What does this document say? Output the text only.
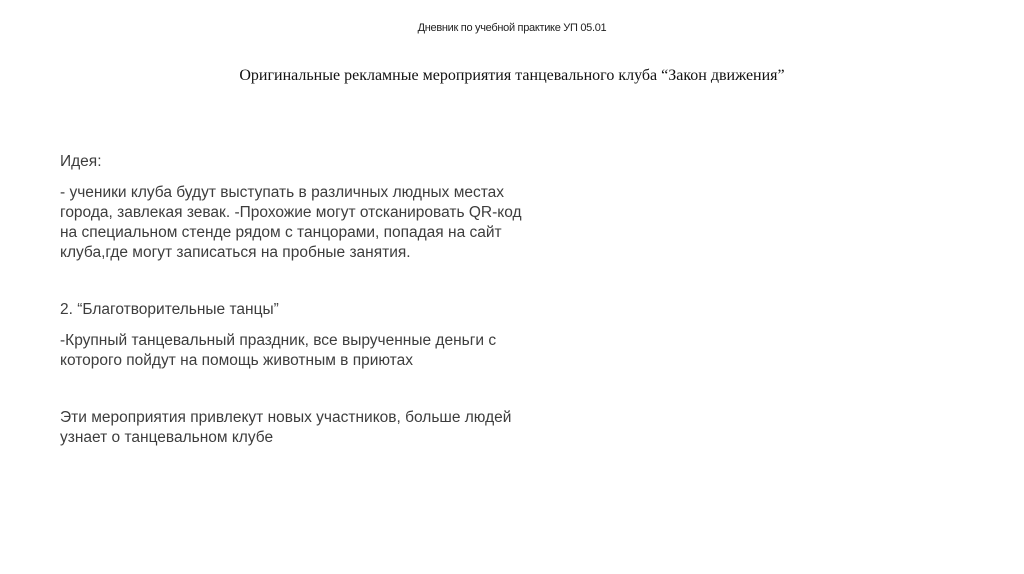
Дневник по учебной практике УП 05.01
Оригинальные рекламные мероприятия танцевального клуба “Закон движения”

Идея:

- ученики клуба будут выступать в различных людных местах
города, завлекая зевак. -Прохожие могут отсканировать QR-код
на специальном стенде рядом с танцорами, попадая на сайт
клуба,где могут записаться на пробные занятия.

2. “Благотворительные танцы”

-Крупный танцевальный праздник, все вырученные деньги с
которого пойдут на помощь животным в приютах

Эти мероприятия привлекут новых участников, больше людей
узнает о танцевальном клубе
